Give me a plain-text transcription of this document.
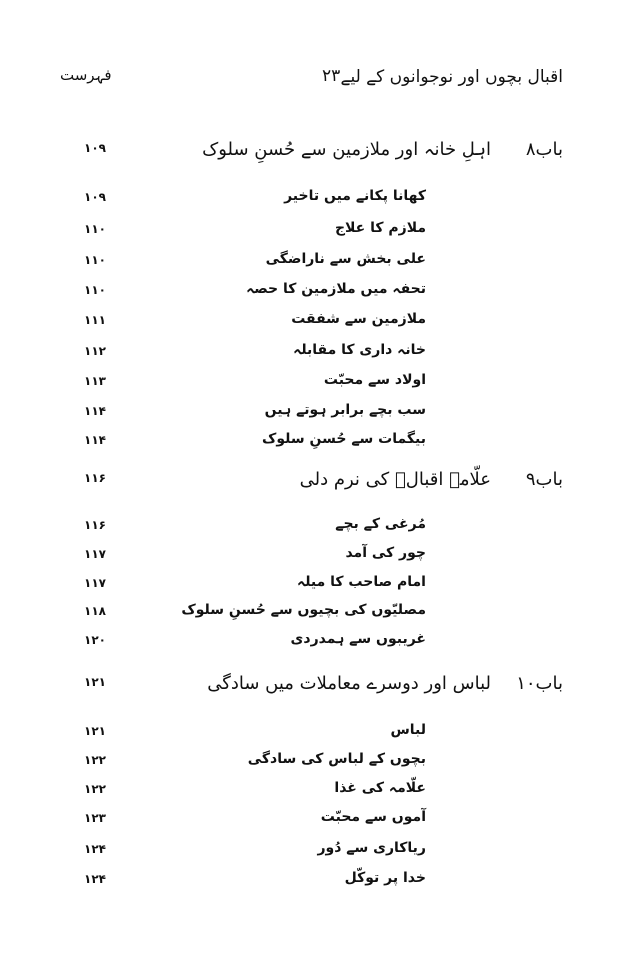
اقبال بچوں اور نوجوانوں کے لیے
۲۳
فہرست
باب۸
اہلِ خانہ اور ملازمین سے حُسنِ سلوک
۱۰۹
کھانا پکانے میں تاخیر
۱۰۹
ملازم کا علاج
۱۱۰
علی بخش سے ناراضگی
۱۱۰
تحفہ میں ملازمین کا حصہ
۱۱۰
ملازمین سے شفقت
۱۱۱
خانہ داری کا مقابلہ
۱۱۲
اولاد سے محبّت
۱۱۳
سب بچے برابر ہوتے ہیں
۱۱۴
بیگمات سے حُسنِ سلوک
۱۱۴
باب۹
علّامہ اقبالؒ کی نرم دلی
۱۱۶
مُرغی کے بچے
۱۱۶
چور کی آمد
۱۱۷
امام صاحب کا میلہ
۱۱۷
مصلیّوں کی بچیوں سے حُسنِ سلوک
۱۱۸
غریبوں سے ہمدردی
۱۲۰
باب۱۰
لباس اور دوسرے معاملات میں سادگی
۱۲۱
لباس
۱۲۱
بچوں کے لباس کی سادگی
۱۲۲
علّامہ کی غذا
۱۲۲
آموں سے محبّت
۱۲۳
ریاکاری سے دُور
۱۲۴
خدا پر توکّل
۱۲۴
